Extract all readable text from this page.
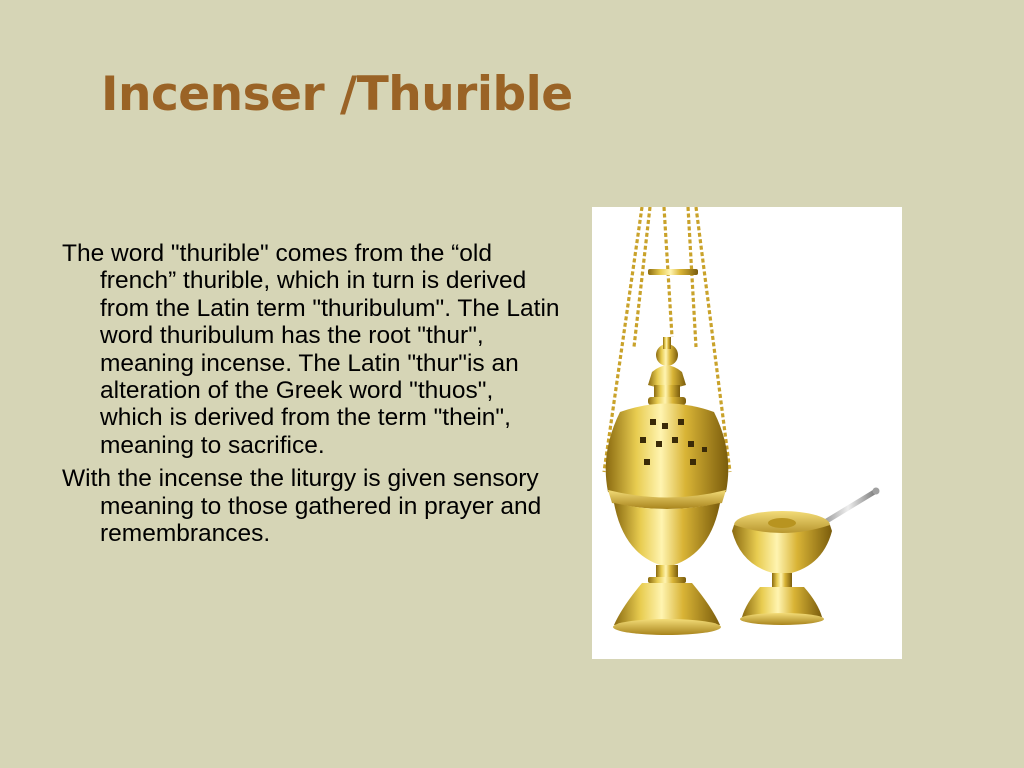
Incenser /Thurible

The word "thurible" comes from the “old french” thurible, which in turn is derived from the Latin term "thuribulum". The Latin word thuribulum has the root "thur", meaning incense. The Latin "thur"is an alteration of the Greek word "thuos", which is derived from the term "thein", meaning to sacrifice.

With the incense the liturgy is given sensory meaning to those gathered in prayer and remembrances.
